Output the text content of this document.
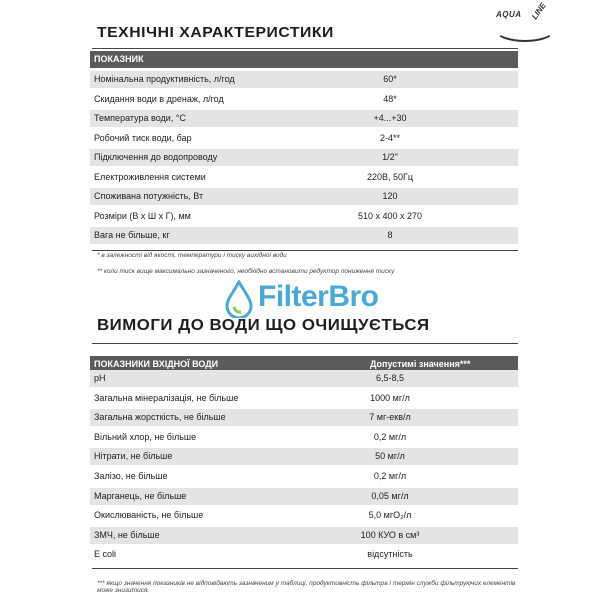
AQUA LINE
ТЕХНІЧНІ ХАРАКТЕРИСТИКИ
ПОКАЗНИК
Номінальна продуктивність, л/год	60*
Скидання води в дренаж, л/год	48*
Температура води, °С	+4...+30
Робочий тиск води, бар	2-4**
Підключення до водопроводу	1/2"
Електроживлення системи	220В, 50Гц
Споживана потужність, Вт	120
Розміри (В x Ш x Г), мм	510 x 400 x 270
Вага не більше, кг	8
* в залежності від якості, температури і тиску вихідної води
** коли тиск вище максимально зазначеного, необхідно встановити редуктор пониження тиску
FilterBro
ВИМОГИ ДО ВОДИ ЩО ОЧИЩУЄТЬСЯ
ПОКАЗНИКИ ВХІДНОЇ ВОДИ	Допустимі значення***
pH	6,5-8,5
Загальна мінералізація, не більше	1000 мг/л
Загальна жорсткість, не більше	7 мг-екв/л
Вільний хлор, не більше	0,2 мг/л
Нітрати, не більше	50 мг/л
Залізо, не більше	0,2 мг/л
Марганець, не більше	0,05 мг/л
Окислюваність, не більше	5,0 мгО₂/л
ЗМЧ, не більше	100 КУО в см³
E coli	відсутність
*** якщо значення показників не відповідають зазначеним у таблиці, продуктивність фільтра і термін служби фільтруючих елементів може знизитися.
